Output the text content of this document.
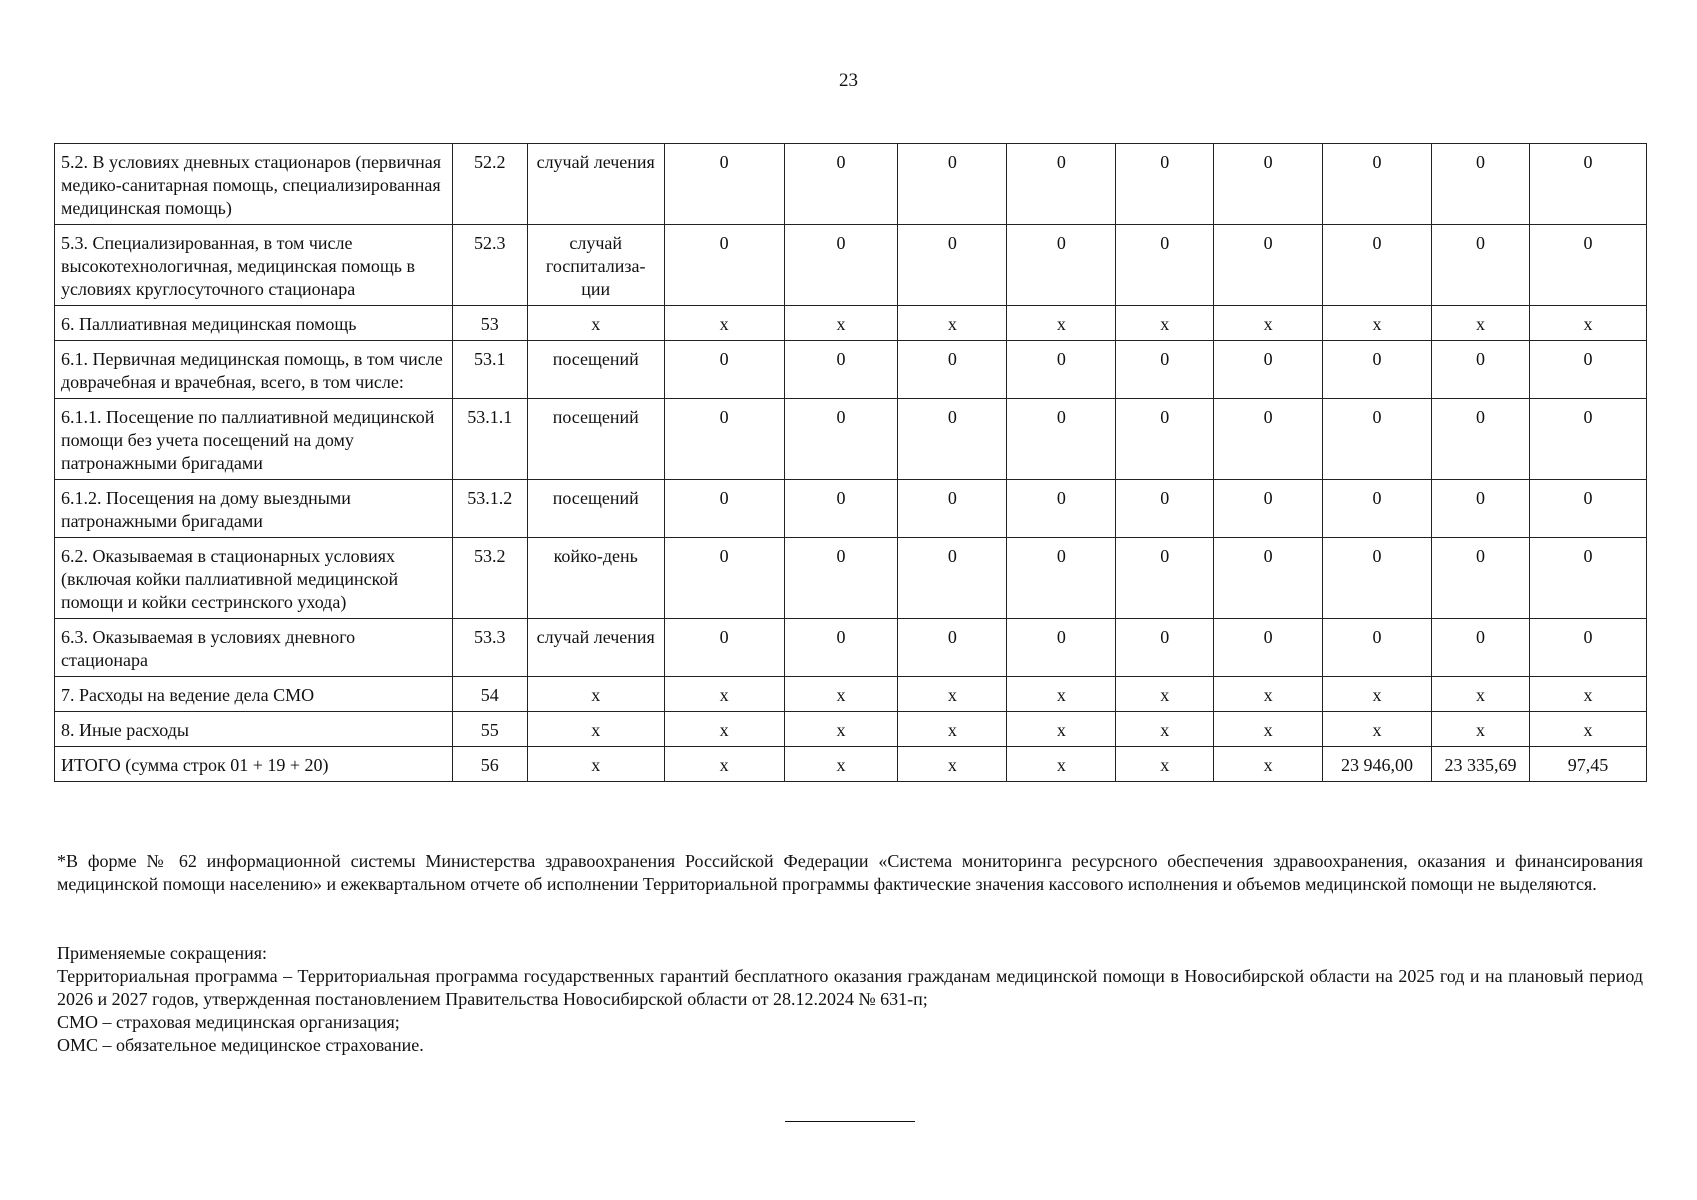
23
5.2. В условиях дневных стационаров (первичная медико-санитарная помощь, специализированная медицинская помощь)	52.2	случай лечения	0	0	0	0	0	0	0	0	0
5.3. Специализированная, в том числе высокотехнологичная, медицинская помощь в условиях круглосуточного стационара	52.3	случай госпитализа-ции	0	0	0	0	0	0	0	0	0
6. Паллиативная медицинская помощь	53	х	х	х	х	х	х	х	х	х	х
6.1. Первичная медицинская помощь, в том числе доврачебная и врачебная, всего, в том числе:	53.1	посещений	0	0	0	0	0	0	0	0	0
6.1.1. Посещение по паллиативной медицинской помощи без учета посещений на дому патронажными бригадами	53.1.1	посещений	0	0	0	0	0	0	0	0	0
6.1.2. Посещения на дому выездными патронажными бригадами	53.1.2	посещений	0	0	0	0	0	0	0	0	0
6.2. Оказываемая в стационарных условиях (включая койки паллиативной медицинской помощи и койки сестринского ухода)	53.2	койко-день	0	0	0	0	0	0	0	0	0
6.3. Оказываемая в условиях дневного стационара	53.3	случай лечения	0	0	0	0	0	0	0	0	0
7. Расходы на ведение дела СМО	54	х	х	х	х	х	х	х	х	х	х
8. Иные расходы	55	х	х	х	х	х	х	х	х	х	х
ИТОГО (сумма строк 01 + 19 + 20)	56	х	х	х	х	х	х	х	23 946,00	23 335,69	97,45
*В форме № 62 информационной системы Министерства здравоохранения Российской Федерации «Система мониторинга ресурсного обеспечения здравоохранения, оказания и финансирования медицинской помощи населению» и ежеквартальном отчете об исполнении Территориальной программы фактические значения кассового исполнения и объемов медицинской помощи не выделяются.

Применяемые сокращения:

Территориальная программа – Территориальная программа государственных гарантий бесплатного оказания гражданам медицинской помощи в Новосибирской области на 2025 год и на плановый период 2026 и 2027 годов, утвержденная постановлением Правительства Новосибирской области от 28.12.2024 № 631-п;

СМО – страховая медицинская организация;

ОМС – обязательное медицинское страхование.
